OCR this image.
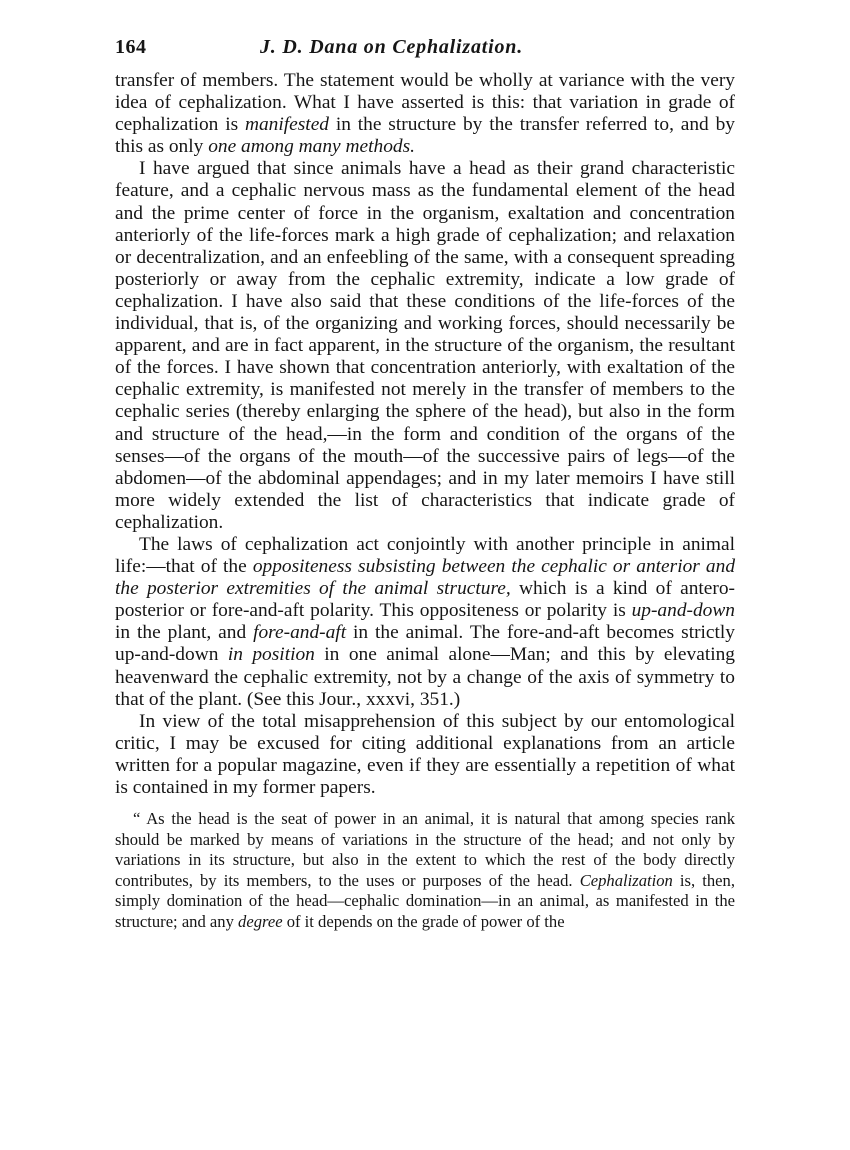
164	J. D. Dana on Cephalization.

transfer of members. The statement would be wholly at variance with the very idea of cephalization. What I have asserted is this: that variation in grade of cephalization is manifested in the structure by the transfer referred to, and by this as only one among many methods.

I have argued that since animals have a head as their grand characteristic feature, and a cephalic nervous mass as the fundamental element of the head and the prime center of force in the organism, exaltation and concentration anteriorly of the life-forces mark a high grade of cephalization; and relaxation or decentralization, and an enfeebling of the same, with a consequent spreading posteriorly or away from the cephalic extremity, indicate a low grade of cephalization. I have also said that these conditions of the life-forces of the individual, that is, of the organizing and working forces, should necessarily be apparent, and are in fact apparent, in the structure of the organism, the resultant of the forces. I have shown that concentration anteriorly, with exaltation of the cephalic extremity, is manifested not merely in the transfer of members to the cephalic series (thereby enlarging the sphere of the head), but also in the form and structure of the head,—in the form and condition of the organs of the senses—of the organs of the mouth—of the successive pairs of legs—of the abdomen—of the abdominal appendages; and in my later memoirs I have still more widely extended the list of characteristics that indicate grade of cephalization.

The laws of cephalization act conjointly with another principle in animal life:—that of the oppositeness subsisting between the cephalic or anterior and the posterior extremities of the animal structure, which is a kind of antero-posterior or fore-and-aft polarity. This oppositeness or polarity is up-and-down in the plant, and fore-and-aft in the animal. The fore-and-aft becomes strictly up-and-down in position in one animal alone—Man; and this by elevating heavenward the cephalic extremity, not by a change of the axis of symmetry to that of the plant. (See this Jour., xxxvi, 351.)

In view of the total misapprehension of this subject by our entomological critic, I may be excused for citing additional explanations from an article written for a popular magazine, even if they are essentially a repetition of what is contained in my former papers.

“ As the head is the seat of power in an animal, it is natural that among species rank should be marked by means of variations in the structure of the head; and not only by variations in its structure, but also in the extent to which the rest of the body directly contributes, by its members, to the uses or purposes of the head. Cephalization is, then, simply domination of the head—cephalic domination—in an animal, as manifested in the structure; and any degree of it depends on the grade of power of the
